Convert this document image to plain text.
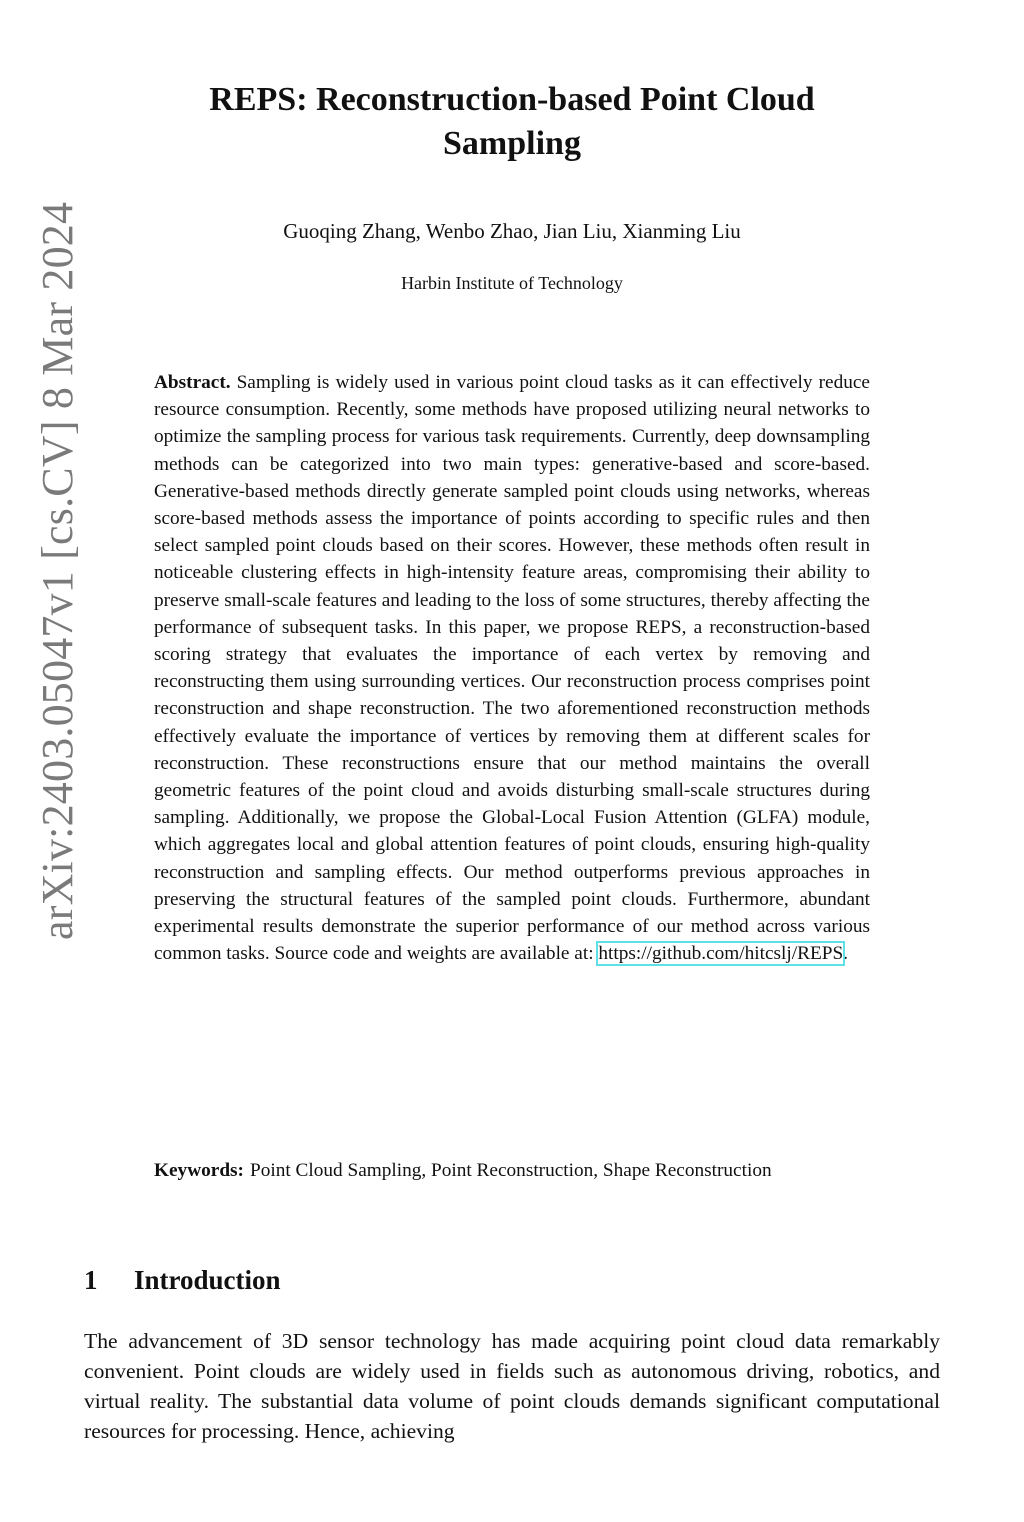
arXiv:2403.05047v1 [cs.CV] 8 Mar 2024
REPS: Reconstruction-based Point Cloud Sampling
Guoqing Zhang, Wenbo Zhao, Jian Liu, Xianming Liu
Harbin Institute of Technology

Abstract. Sampling is widely used in various point cloud tasks as it can effectively reduce resource consumption. Recently, some methods have proposed utilizing neural networks to optimize the sampling process for various task requirements. Currently, deep downsampling methods can be categorized into two main types: generative-based and score-based. Generative-based methods directly generate sampled point clouds using networks, whereas score-based methods assess the importance of points according to specific rules and then select sampled point clouds based on their scores. However, these methods often result in noticeable clustering effects in high-intensity feature areas, compromising their ability to preserve small-scale features and leading to the loss of some structures, thereby affecting the performance of subsequent tasks. In this paper, we propose REPS, a reconstruction-based scoring strategy that evaluates the importance of each vertex by removing and reconstructing them using surrounding vertices. Our reconstruction process comprises point reconstruction and shape reconstruction. The two aforementioned reconstruction methods effectively evaluate the importance of vertices by removing them at different scales for reconstruction. These reconstructions ensure that our method maintains the overall geometric features of the point cloud and avoids disturbing small-scale structures during sampling. Additionally, we propose the Global-Local Fusion Attention (GLFA) module, which aggregates local and global attention features of point clouds, ensuring high-quality reconstruction and sampling effects. Our method outperforms previous approaches in preserving the structural features of the sampled point clouds. Furthermore, abundant experimental results demonstrate the superior performance of our method across various common tasks. Source code and weights are available at: https://github.com/hitcslj/REPS.

Keywords: Point Cloud Sampling, Point Reconstruction, Shape Reconstruction

1 Introduction

The advancement of 3D sensor technology has made acquiring point cloud data remarkably convenient. Point clouds are widely used in fields such as autonomous driving, robotics, and virtual reality. The substantial data volume of point clouds demands significant computational resources for processing. Hence, achieving
